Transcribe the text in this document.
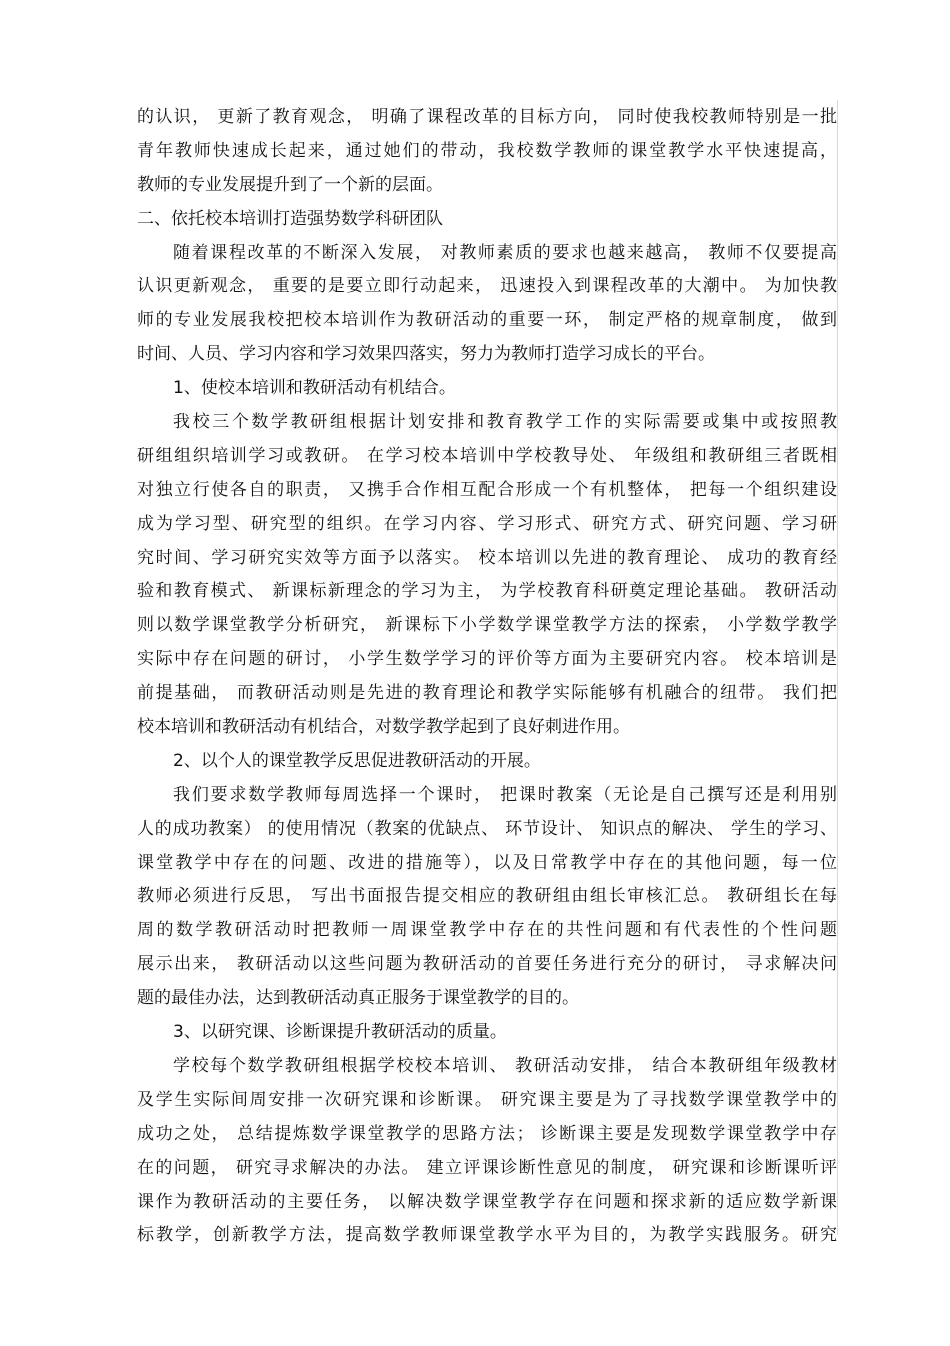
的认识， 更新了教育观念， 明确了课程改革的目标方向， 同时使我校教师特别是一批
青年教师快速成长起来，通过她们的带动，我校数学教师的课堂教学水平快速提高，
教师的专业发展提升到了一个新的层面。
二、依托校本培训打造强势数学科研团队
随着课程改革的不断深入发展， 对教师素质的要求也越来越高， 教师不仅要提高
认识更新观念， 重要的是要立即行动起来， 迅速投入到课程改革的大潮中。 为加快教
师的专业发展我校把校本培训作为教研活动的重要一环， 制定严格的规章制度， 做到
时间、人员、学习内容和学习效果四落实，努力为教师打造学习成长的平台。
1、使校本培训和教研活动有机结合。
我校三个数学教研组根据计划安排和教育教学工作的实际需要或集中或按照教
研组组织培训学习或教研。 在学习校本培训中学校教导处、 年级组和教研组三者既相
对独立行使各自的职责， 又携手合作相互配合形成一个有机整体， 把每一个组织建设
成为学习型、研究型的组织。在学习内容、学习形式、研究方式、研究问题、学习研
究时间、学习研究实效等方面予以落实。 校本培训以先进的教育理论、 成功的教育经
验和教育模式、 新课标新理念的学习为主， 为学校教育科研奠定理论基础。 教研活动
则以数学课堂教学分析研究， 新课标下小学数学课堂教学方法的探索， 小学数学教学
实际中存在问题的研讨， 小学生数学学习的评价等方面为主要研究内容。 校本培训是
前提基础， 而教研活动则是先进的教育理论和教学实际能够有机融合的纽带。 我们把
校本培训和教研活动有机结合，对数学教学起到了良好刺进作用。
2、以个人的课堂教学反思促进教研活动的开展。
我们要求数学教师每周选择一个课时， 把课时教案（无论是自己撰写还是利用别
人的成功教案） 的使用情况（教案的优缺点、 环节设计、 知识点的解决、 学生的学习、
课堂教学中存在的问题、改进的措施等），以及日常教学中存在的其他问题，每一位
教师必须进行反思， 写出书面报告提交相应的教研组由组长审核汇总。 教研组长在每
周的数学教研活动时把教师一周课堂教学中存在的共性问题和有代表性的个性问题
展示出来， 教研活动以这些问题为教研活动的首要任务进行充分的研讨， 寻求解决问
题的最佳办法，达到教研活动真正服务于课堂教学的目的。
3、以研究课、诊断课提升教研活动的质量。
学校每个数学教研组根据学校校本培训、 教研活动安排， 结合本教研组年级教材
及学生实际间周安排一次研究课和诊断课。 研究课主要是为了寻找数学课堂教学中的
成功之处， 总结提炼数学课堂教学的思路方法； 诊断课主要是发现数学课堂教学中存
在的问题， 研究寻求解决的办法。 建立评课诊断性意见的制度， 研究课和诊断课听评
课作为教研活动的主要任务， 以解决数学课堂教学存在问题和探求新的适应数学新课
标教学，创新教学方法，提高数学教师课堂教学水平为目的，为教学实践服务。研究
